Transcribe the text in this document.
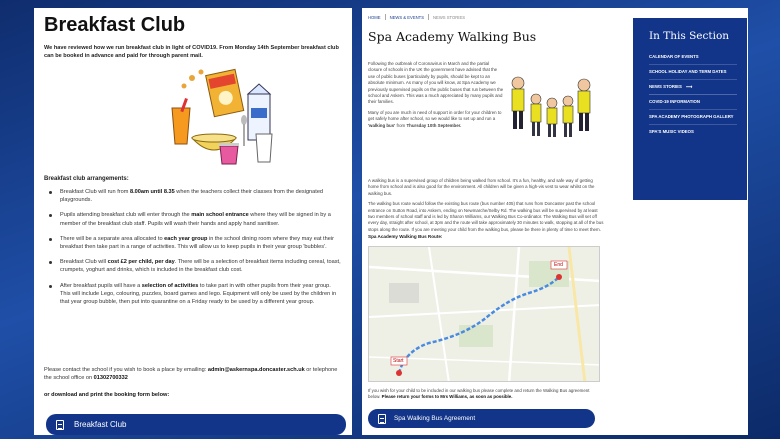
Breakfast Club
We have reviewed how we run breakfast club in light of COVID19. From Monday 14th September breakfast club can be booked in advance and paid for through parent mail.
Breakfast club arrangements:
Breakfast Club will run from 8.00am until 8.35 when the teachers collect their classes from the designated playgrounds.
Pupils attending breakfast club will enter through the main school entrance where they will be signed in by a member of the breakfast club staff. Pupils will wash their hands and apply hand sanitiser.
There will be a separate area allocated to each year group in the school dining room where they may eat their breakfast then take part in a range of activities. This will allow us to keep pupils in their year group 'bubbles'.
Breakfast Club will cost £2 per child, per day. There will be a selection of breakfast items including cereal, toast, crumpets, yoghurt and drinks, which is included in the breakfast club cost.
After breakfast pupils will have a selection of activities to take part in with other pupils from their year group. This will include Lego, colouring, puzzles, board games and lego. Equipment will only be used by the children in that year group bubble, then put into quarantine on a Friday ready to be used by a different year group.
Please contact the school if you wish to book a place by emailing: admin@askernspa.doncaster.sch.uk or telephone the school office on 01302700332
or download and print the booking form below:
Breakfast Club
HOME NEWS & EVENTS NEWS STORIES
Spa Academy Walking Bus

Following the outbreak of Coronavirus in March and the partial closure of schools in the UK the government have advised that the use of public buses (particularly by pupils, should be kept to an absolute minimum. As many of you will know, at Spa Academy we previously supervised pupils on the public buses that run between the school and Askern. This was a much appreciated by many pupils and their families.

Many of you are much in need of support in order for your children to get safely home after school, so we would like to set up and run a 'walking bus' from Thursday 10th September.

A walking bus is a supervised group of children being walked from school. It's a fun, healthy, and safe way of getting home from school and is also good for the environment. All children will be given a high-vis vest to wear whilst on the walking bus.

The walking bus route would follow the existing bus route (bus number 405) that runs from Doncaster past the school entrance on Sutton Road, into Askern, ending on Newmarche/Selby Rd. The walking bus will be supervised by at least two members of school staff and is led by Sharon Williams, our Walking Bus Co-ordinator. The Walking Bus will set off every day, straight after school, at 3pm and the route will take approximately 30 minutes to walk, stopping at all of the bus stops along the route. If you are meeting your child from the walking bus, please be there in plenty of time to meet them.

Spa Academy Walking Bus Route:
Start
End
If you wish for your child to be included in our walking bus please complete and return the Walking Bus agreement below. Please return your forms to Mrs Williams, as soon as possible.
Spa Walking Bus Agreement
In This Section
CALENDAR OF EVENTS
SCHOOL HOLIDAY AND TERM DATES
NEWS STORIES ⟶
COVID-19 INFORMATION
SPA ACADEMY PHOTOGRAPH GALLERY
SPA'S MUSIC VIDEOS
